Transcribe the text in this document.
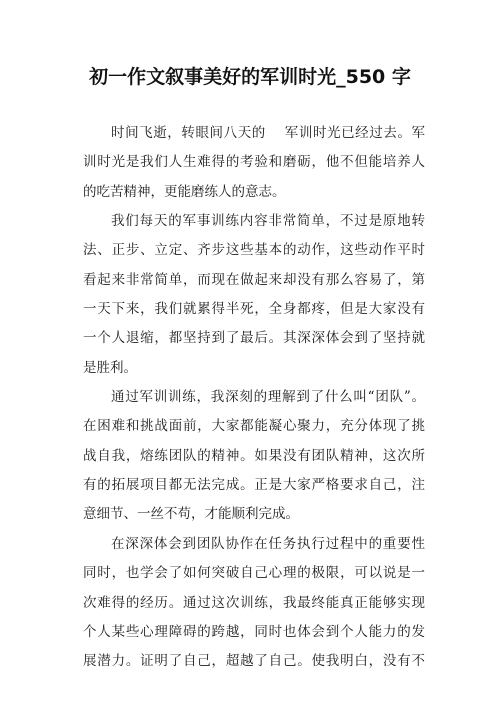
初一作文叙事美好的军训时光_550 字
时间飞逝，转眼间八天的　 军训时光已经过去。军
训时光是我们人生难得的考验和磨砺，他不但能培养人
的吃苦精神，更能磨练人的意志。
我们每天的军事训练内容非常简单，不过是原地转
法、正步、立定、齐步这些基本的动作，这些动作平时
看起来非常简单，而现在做起来却没有那么容易了，第
一天下来，我们就累得半死，全身都疼，但是大家没有
一个人退缩，都坚持到了最后。其深深体会到了坚持就
是胜利。
通过军训训练，我深刻的理解到了什么叫“团队”。
在困难和挑战面前，大家都能凝心聚力，充分体现了挑
战自我，熔练团队的精神。如果没有团队精神，这次所
有的拓展项目都无法完成。正是大家严格要求自己，注
意细节、一丝不苟，才能顺利完成。
在深深体会到团队协作在任务执行过程中的重要性
同时，也学会了如何突破自己心理的极限，可以说是一
次难得的经历。通过这次训练，我最终能真正能够实现
个人某些心理障碍的跨越，同时也体会到个人能力的发
展潜力。证明了自己，超越了自己。使我明白，没有不
